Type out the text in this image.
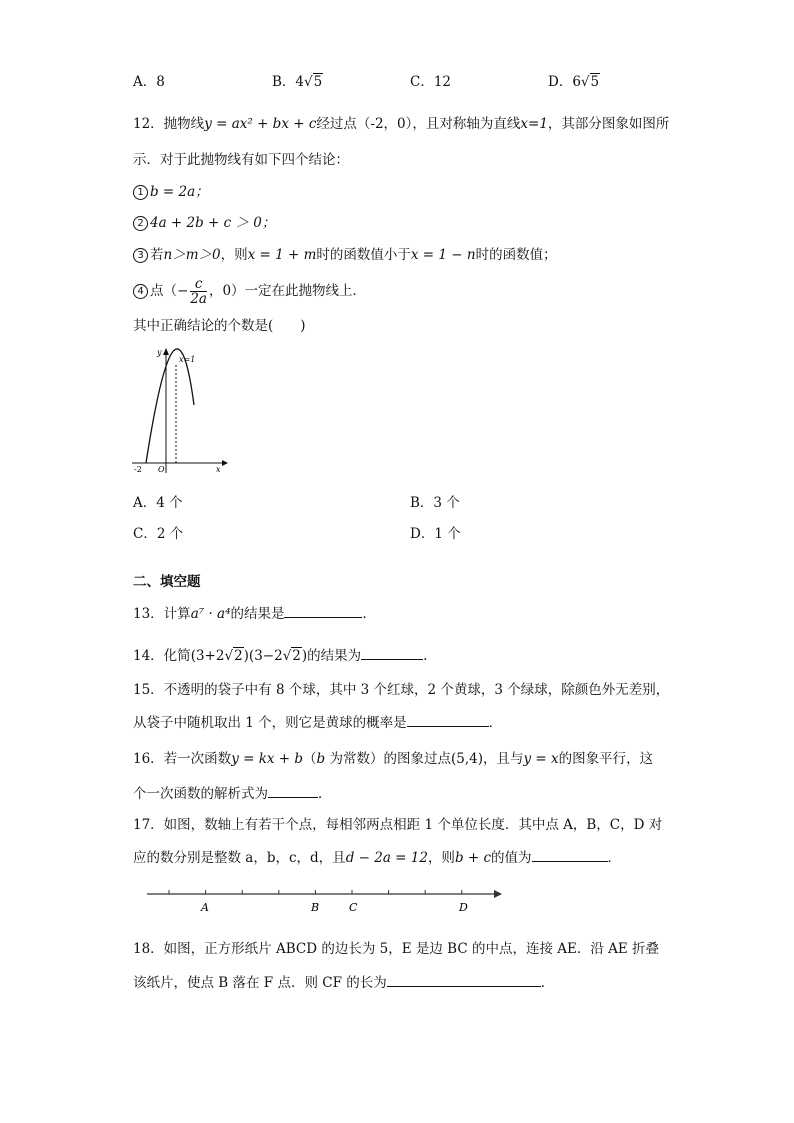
A．8	B．4√5	C．12	D．6√5
12．抛物线y = ax² + bx + c经过点（-2，0），且对称轴为直线x=1，其部分图象如图所
示．对于此抛物线有如下四个结论：
1 b = 2a；
2 4a + 2b + c ＞ 0；
3 若n＞m＞0，则x = 1 + m时的函数值小于x = 1 − n时的函数值；
4 点（− $\frac{c}{2a}$ ，0）一定在此抛物线上．
其中正确结论的个数是(　　)
y
x=1
x
O
-2
A．4 个	B．3 个
C．2 个	D．1 个
二、填空题
13．计算a⁷ · a⁴的结果是	．
14．化简(3+2√2)(3−2√2)的结果为	.
15．不透明的袋子中有 8 个球，其中 3 个红球，2 个黄球，3 个绿球，除颜色外无差别，
从袋子中随机取出 1 个，则它是黄球的概率是	．
16．若一次函数y = kx + b（b 为常数）的图象过点(5,4)，且与y = x的图象平行，这
个一次函数的解析式为	．
17．如图，数轴上有若干个点，每相邻两点相距 1 个单位长度．其中点 A，B，C，D 对
应的数分别是整数 a，b，c，d，且d − 2a = 12，则b + c的值为	．
A	B	C	D
18．如图，正方形纸片 ABCD 的边长为 5，E 是边 BC 的中点，连接 AE．沿 AE 折叠
该纸片，使点 B 落在 F 点．则 CF 的长为	．
